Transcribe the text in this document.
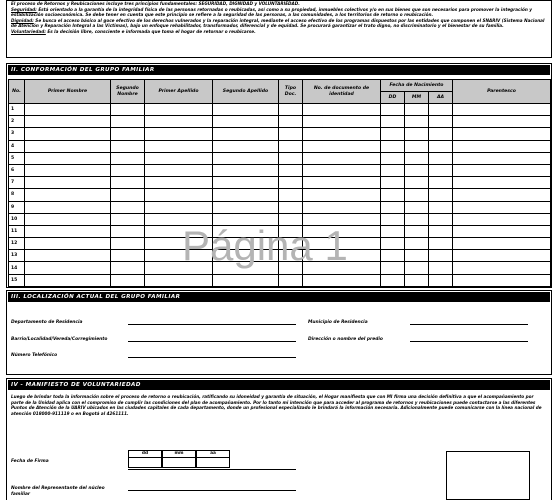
El proceso de Retornos y Reubicaciones incluye tres principios fundamentales: SEGURIDAD, DIGNIDAD y VOLUNTARIEDAD.
Seguridad: Está orientado a la garantía de la integridad física de las personas retornadas o reubicadas, así como a su propiedad, inmuebles colectivos y/o en sus bienes que son necesarios para promover la integración y estabilización socioeconómica. Se debe tener en cuenta que este principio se refiere a la seguridad de las personas, a las comunidades, a los territorios de retorno o reubicación.
Dignidad: Se busca el acceso básico al goce efectivo de los derechos vulnerados y la reparación integral, mediante el acceso efectivo de los programas dispuestos por las entidades que componen el SNARIV (Sistema Nacional de Atención y Reparación Integral a las Víctimas), bajo un enfoque rehabilitador, transformador, diferencial y de equidad. Se procurará garantizar el trato digno, no discriminatorio y el bienestar de su familia.
Voluntariedad: Es la decisión libre, consciente e informada que toma el hogar de retornar o reubicarse.
II. CONFORMACIÓN DEL GRUPO FAMILIAR
No.	Primer Nombre	Segundo Nombre	Primer Apellido	Segundo Apellido	Tipo Doc.	No. de documento de identidad	Fecha de Nacimiento			Parentesco
							DD	MM	AA	
1										
2										
3										
4										
5										
6										
7										
8										
9										
10										
11										
12										
13										
14										
15										
Página 1
III. LOCALIZACIÓN ACTUAL DEL GRUPO FAMILIAR
Departamento de Residencia	Municipio de Residencia
Barrio/Localidad/Vereda/Corregimiento	Dirección o nombre del predio
Número Telefónico
IV - MANIFIESTO DE VOLUNTARIEDAD
Luego de brindar toda la información sobre el proceso de retorno o reubicación, ratificando su idoneidad y garantía de situación, el Hogar manifiesta que con MI firma una decisión definitiva a que el acompañamiento por parte de la Unidad aplica con el compromiso de cumplir las condiciones del plan de acompañamiento. Por lo tanto mi intención que para acceder al programa de retornos y reubicaciones puede contactarse a las diferentes Puntos de Atención de la UARIV ubicados en las ciudades capitales de cada departamento, donde un profesional especializado le brindará la información necesaria. Adicionalmente puede comunicarse con la línea nacional de atención 018000-911119 o en Bogotá al 4261111.
Fecha de Firma
dd	mm	aa
Nombre del Representante del núcleo familiar
